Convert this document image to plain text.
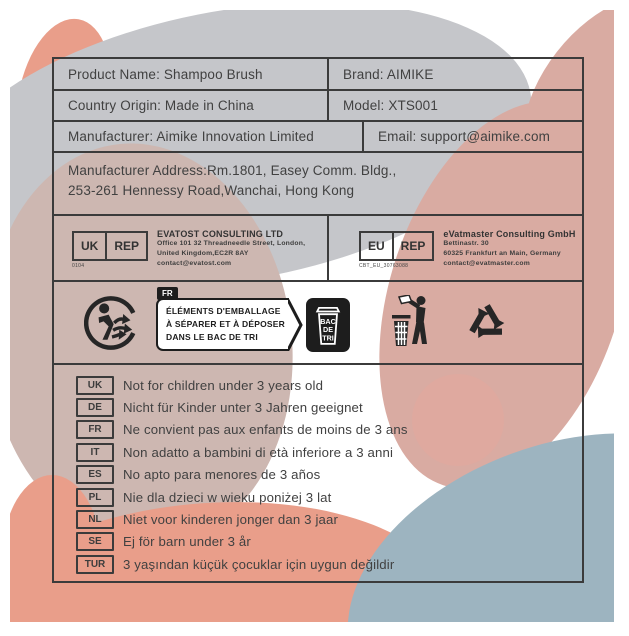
Product Name: Shampoo Brush	Brand: AIMIKE
Country Origin: Made in China	Model: XTS001
Manufacturer: Aimike Innovation Limited	Email: support@aimike.com
Manufacturer Address:Rm.1801, Easey Comm. Bldg.,
253-261 Hennessy Road,Wanchai, Hong Kong
UK	REP
0104
EVATOST CONSULTING LTD
Office 101 32 Threadneedle Street, London,
United Kingdom,EC2R 8AY
contact@evatost.com
EU	REP
CBT_EU_30763088
eVatmaster Consulting GmbH
Bettinastr. 30
60325 Frankfurt an Main, Germany
contact@evatmaster.com
FR
ÉLÉMENTS D'EMBALLAGE
À SÉPARER ET À DÉPOSER
DANS LE BAC DE TRI
BAC
DE
TRI
UK	Not for children under 3 years old
DE	Nicht für Kinder unter 3 Jahren geeignet
FR	Ne convient pas aux enfants de moins de 3 ans
IT	Non adatto a bambini di età inferiore a 3 anni
ES	No apto para menores de 3 años
PL	Nie dla dzieci w wieku poniżej 3 lat
NL	Niet voor kinderen jonger dan 3 jaar
SE	Ej för barn under 3 år
TUR	3 yaşından küçük çocuklar için uygun değildir
